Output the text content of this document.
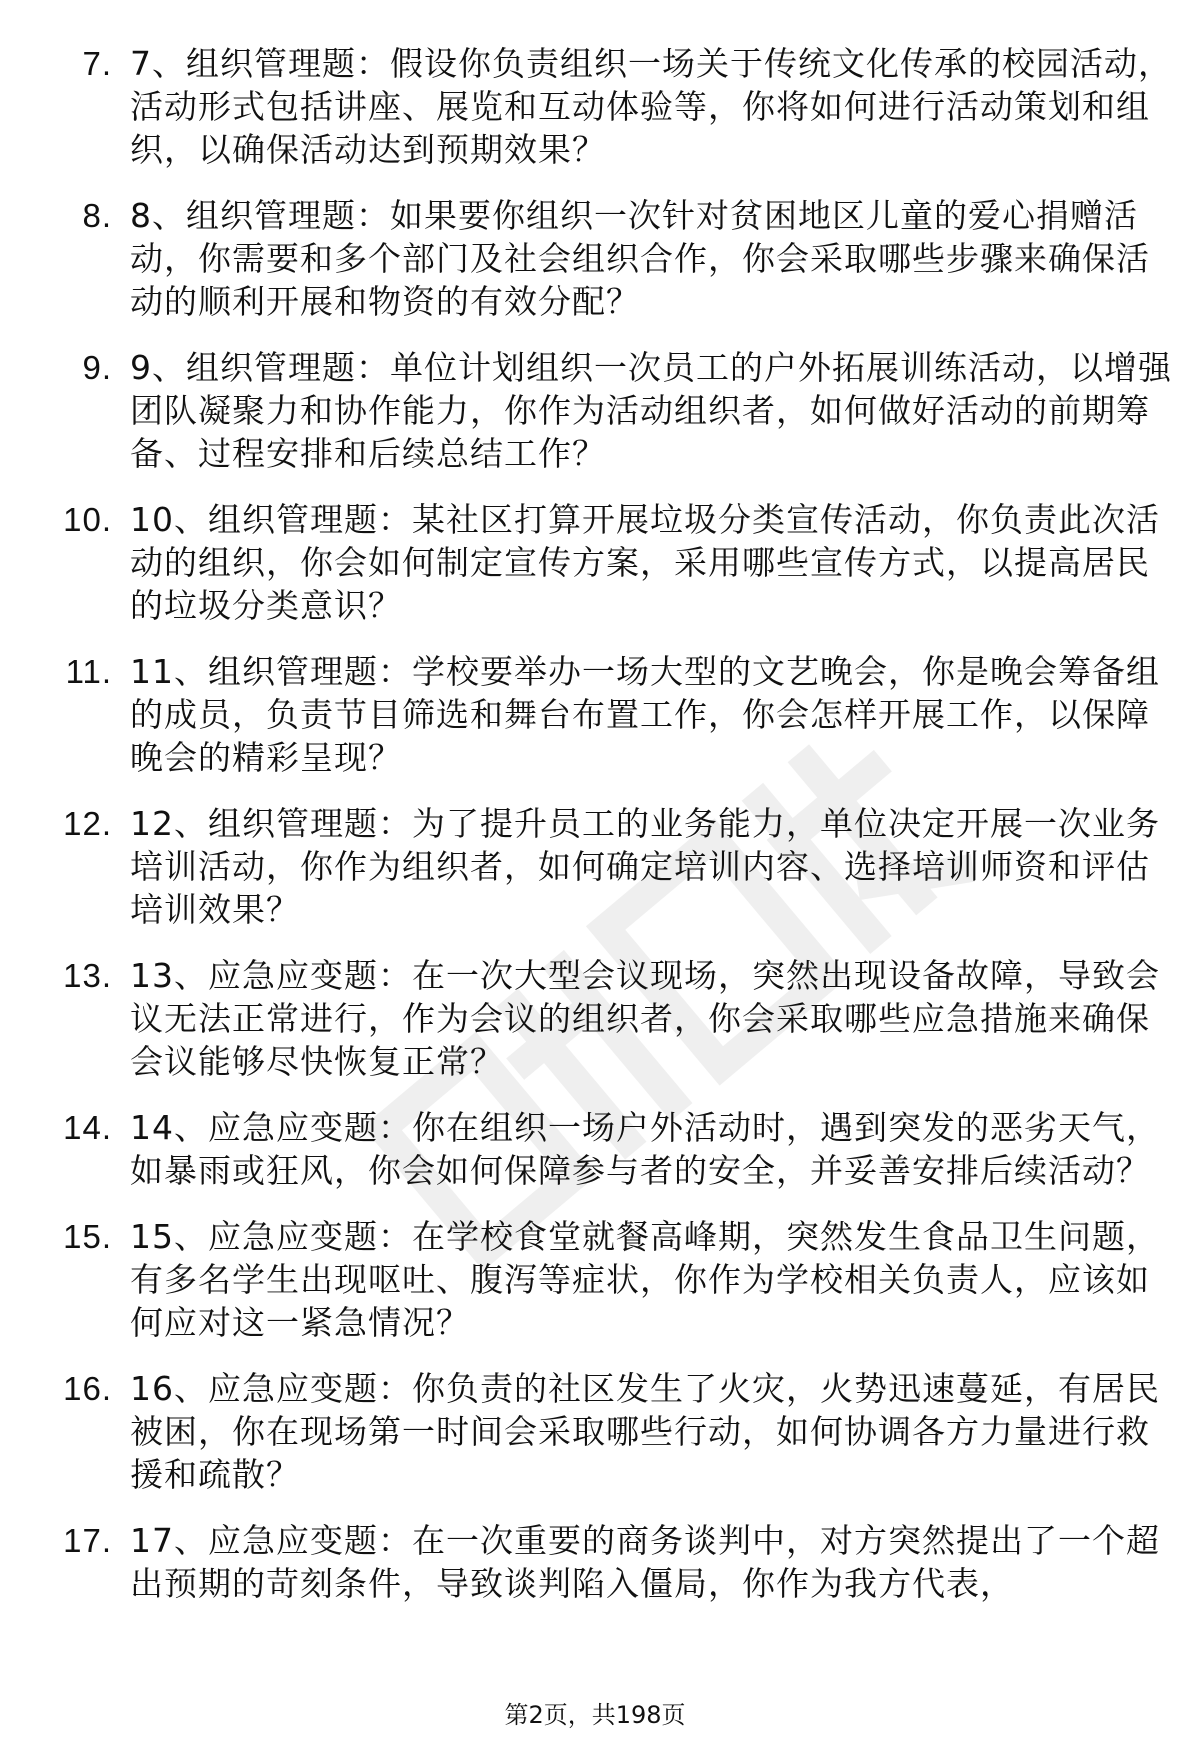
7. 7、组织管理题：假设你负责组织一场关于传统文化传承的校园活动，活动形式包括讲座、展览和互动体验等，你将如何进行活动策划和组织，以确保活动达到预期效果？
8. 8、组织管理题：如果要你组织一次针对贫困地区儿童的爱心捐赠活动，你需要和多个部门及社会组织合作，你会采取哪些步骤来确保活动的顺利开展和物资的有效分配？
9. 9、组织管理题：单位计划组织一次员工的户外拓展训练活动，以增强团队凝聚力和协作能力，你作为活动组织者，如何做好活动的前期筹备、过程安排和后续总结工作？
10. 10、组织管理题：某社区打算开展垃圾分类宣传活动，你负责此次活动的组织，你会如何制定宣传方案，采用哪些宣传方式，以提高居民的垃圾分类意识？
11. 11、组织管理题：学校要举办一场大型的文艺晚会，你是晚会筹备组的成员，负责节目筛选和舞台布置工作，你会怎样开展工作，以保障晚会的精彩呈现？
12. 12、组织管理题：为了提升员工的业务能力，单位决定开展一次业务培训活动，你作为组织者，如何确定培训内容、选择培训师资和评估培训效果？
13. 13、应急应变题：在一次大型会议现场，突然出现设备故障，导致会议无法正常进行，作为会议的组织者，你会采取哪些应急措施来确保会议能够尽快恢复正常？
14. 14、应急应变题：你在组织一场户外活动时，遇到突发的恶劣天气，如暴雨或狂风，你会如何保障参与者的安全，并妥善安排后续活动？
15. 15、应急应变题：在学校食堂就餐高峰期，突然发生食品卫生问题，有多名学生出现呕吐、腹泻等症状，你作为学校相关负责人，应该如何应对这一紧急情况？
16. 16、应急应变题：你负责的社区发生了火灾，火势迅速蔓延，有居民被困，你在现场第一时间会采取哪些行动，如何协调各方力量进行救援和疏散？
17. 17、应急应变题：在一次重要的商务谈判中，对方突然提出了一个超出预期的苛刻条件，导致谈判陷入僵局，你作为我方代表，
第2页，共198页
